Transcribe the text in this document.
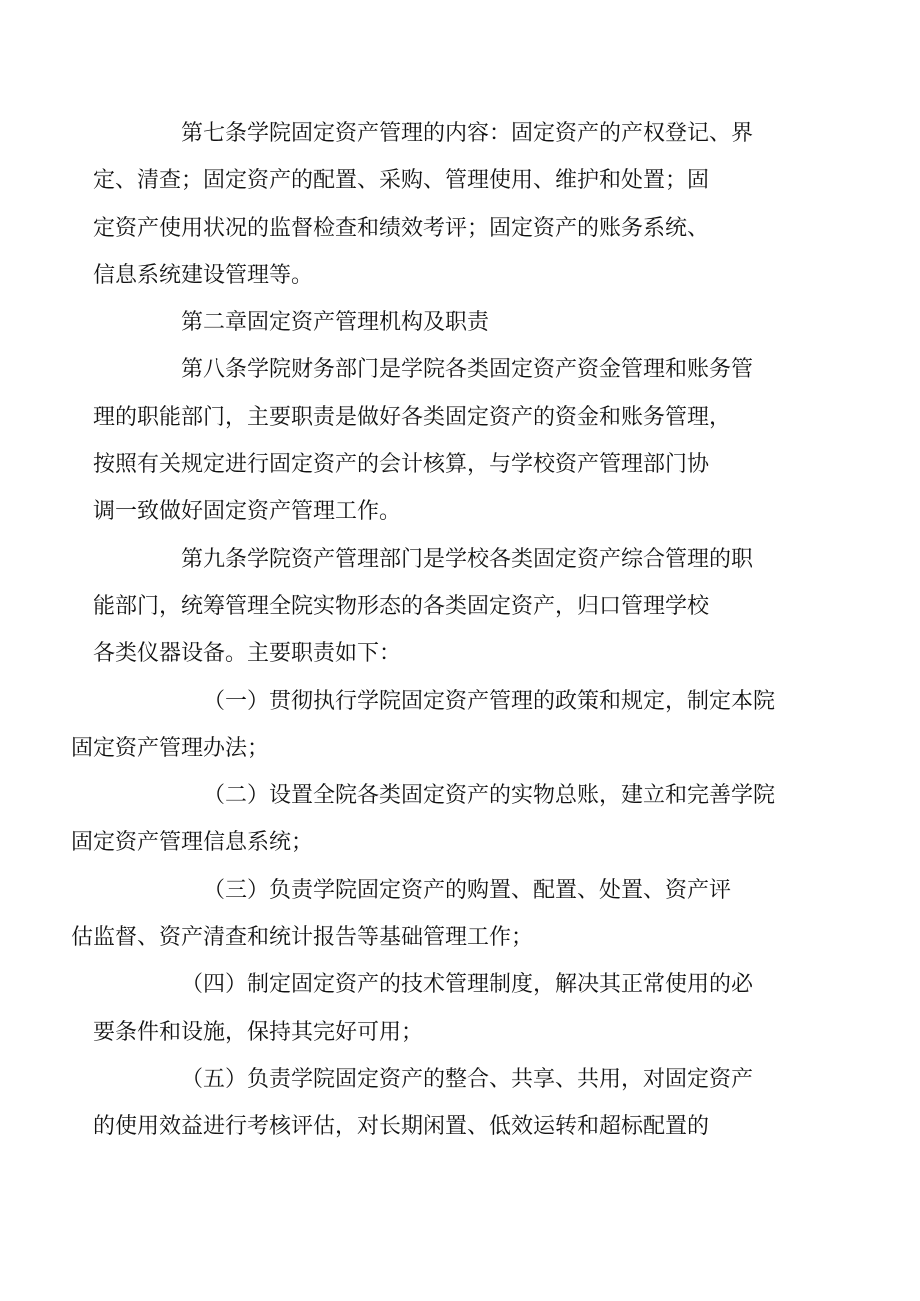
第七条学院固定资产管理的内容：固定资产的产权登记、界
定、清查；固定资产的配置、采购、管理使用、维护和处置；固
定资产使用状况的监督检查和绩效考评；固定资产的账务系统、
信息系统建设管理等。

第二章固定资产管理机构及职责

第八条学院财务部门是学院各类固定资产资金管理和账务管
理的职能部门，主要职责是做好各类固定资产的资金和账务管理，
按照有关规定进行固定资产的会计核算，与学校资产管理部门协
调一致做好固定资产管理工作。

第九条学院资产管理部门是学校各类固定资产综合管理的职
能部门，统筹管理全院实物形态的各类固定资产，归口管理学校
各类仪器设备。主要职责如下：

（一）贯彻执行学院固定资产管理的政策和规定，制定本院
固定资产管理办法；

（二）设置全院各类固定资产的实物总账，建立和完善学院
固定资产管理信息系统；

（三）负责学院固定资产的购置、配置、处置、资产评
估监督、资产清查和统计报告等基础管理工作；

（四）制定固定资产的技术管理制度，解决其正常使用的必
要条件和设施，保持其完好可用；

（五）负责学院固定资产的整合、共享、共用，对固定资产
的使用效益进行考核评估，对长期闲置、低效运转和超标配置的
